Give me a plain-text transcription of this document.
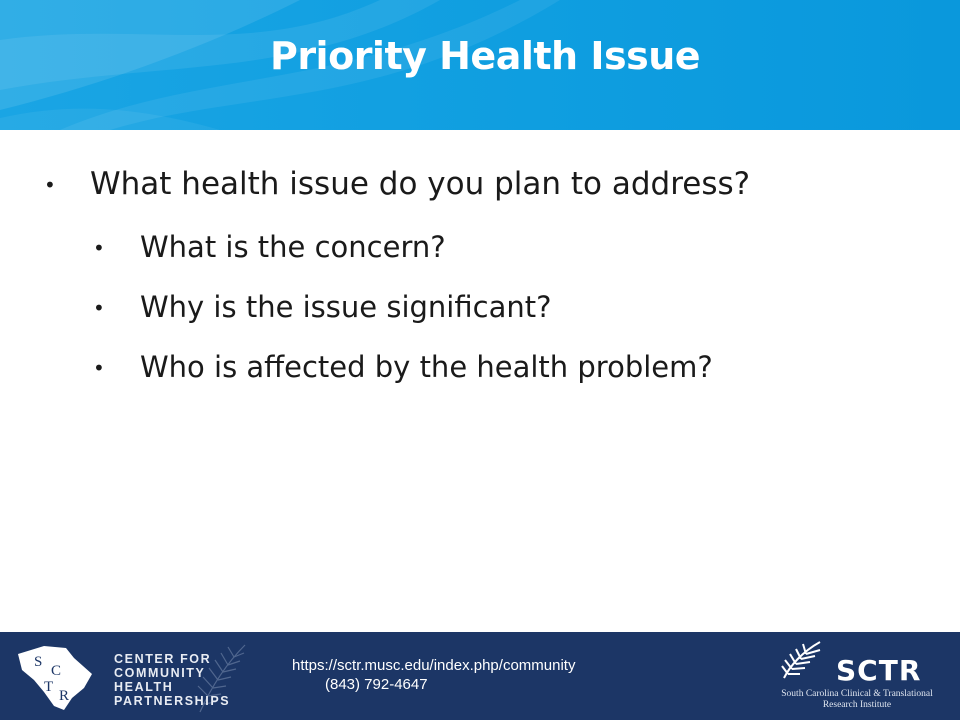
Priority Health Issue
• What health issue do you plan to address?
• What is the concern?
• Why is the issue significant?
• Who is affected by the health problem?
S
C
T
R
CENTER FOR
COMMUNITY
HEALTH
PARTNERSHIPS
https://sctr.musc.edu/index.php/community
(843) 792-4647	SCTR
South Carolina Clinical & Translational Research Institute
